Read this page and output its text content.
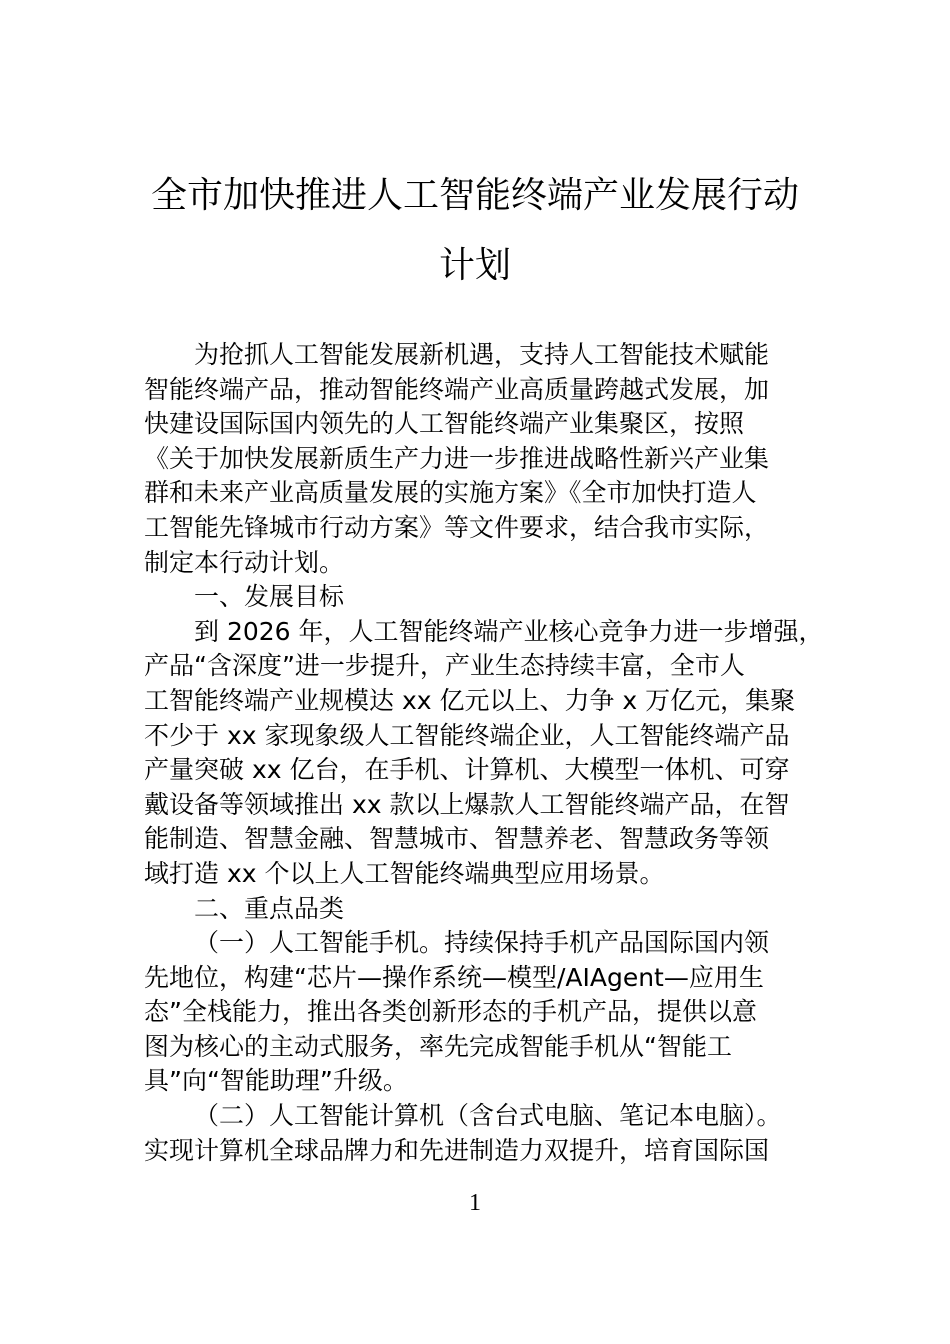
全市加快推进人工智能终端产业发展行动
计划
为抢抓人工智能发展新机遇，支持人工智能技术赋能
智能终端产品，推动智能终端产业高质量跨越式发展，加
快建设国际国内领先的人工智能终端产业集聚区，按照
《关于加快发展新质生产力进一步推进战略性新兴产业集
群和未来产业高质量发展的实施方案》《全市加快打造人
工智能先锋城市行动方案》等文件要求，结合我市实际，
制定本行动计划。
一、发展目标
到 2026 年，人工智能终端产业核心竞争力进一步增强，
产品“含深度”进一步提升，产业生态持续丰富，全市人
工智能终端产业规模达 xx 亿元以上、力争 x 万亿元，集聚
不少于 xx 家现象级人工智能终端企业，人工智能终端产品
产量突破 xx 亿台，在手机、计算机、大模型一体机、可穿
戴设备等领域推出 xx 款以上爆款人工智能终端产品，在智
能制造、智慧金融、智慧城市、智慧养老、智慧政务等领
域打造 xx 个以上人工智能终端典型应用场景。
二、重点品类
（一）人工智能手机。持续保持手机产品国际国内领
先地位，构建“芯片—操作系统—模型/AIAgent—应用生
态”全栈能力，推出各类创新形态的手机产品，提供以意
图为核心的主动式服务，率先完成智能手机从“智能工
具”向“智能助理”升级。
（二）人工智能计算机（含台式电脑、笔记本电脑）。
实现计算机全球品牌力和先进制造力双提升，培育国际国
1
